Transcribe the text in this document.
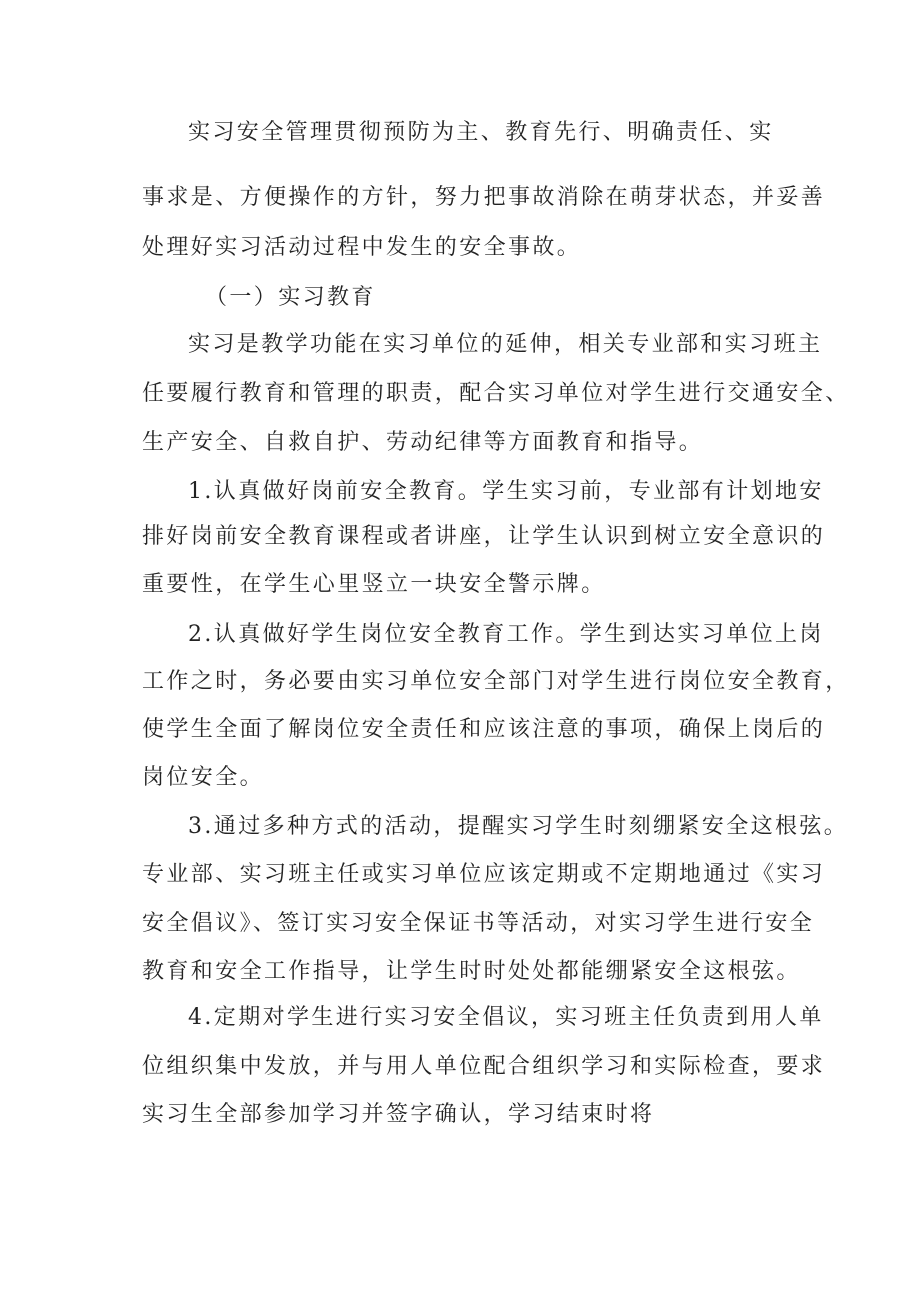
实习安全管理贯彻预防为主、教育先行、明确责任、实
事求是、方便操作的方针，努力把事故消除在萌芽状态，并妥善
处理好实习活动过程中发生的安全事故。
（一）实习教育
实习是教学功能在实习单位的延伸，相关专业部和实习班主
任要履行教育和管理的职责，配合实习单位对学生进行交通安全、
生产安全、自救自护、劳动纪律等方面教育和指导。
1.认真做好岗前安全教育。学生实习前，专业部有计划地安
排好岗前安全教育课程或者讲座，让学生认识到树立安全意识的
重要性，在学生心里竖立一块安全警示牌。
2.认真做好学生岗位安全教育工作。学生到达实习单位上岗
工作之时，务必要由实习单位安全部门对学生进行岗位安全教育，
使学生全面了解岗位安全责任和应该注意的事项，确保上岗后的
岗位安全。
3.通过多种方式的活动，提醒实习学生时刻绷紧安全这根弦。
专业部、实习班主任或实习单位应该定期或不定期地通过《实习
安全倡议》、签订实习安全保证书等活动，对实习学生进行安全
教育和安全工作指导，让学生时时处处都能绷紧安全这根弦。
4.定期对学生进行实习安全倡议，实习班主任负责到用人单
位组织集中发放，并与用人单位配合组织学习和实际检查，要求
实习生全部参加学习并签字确认，学习结束时将
